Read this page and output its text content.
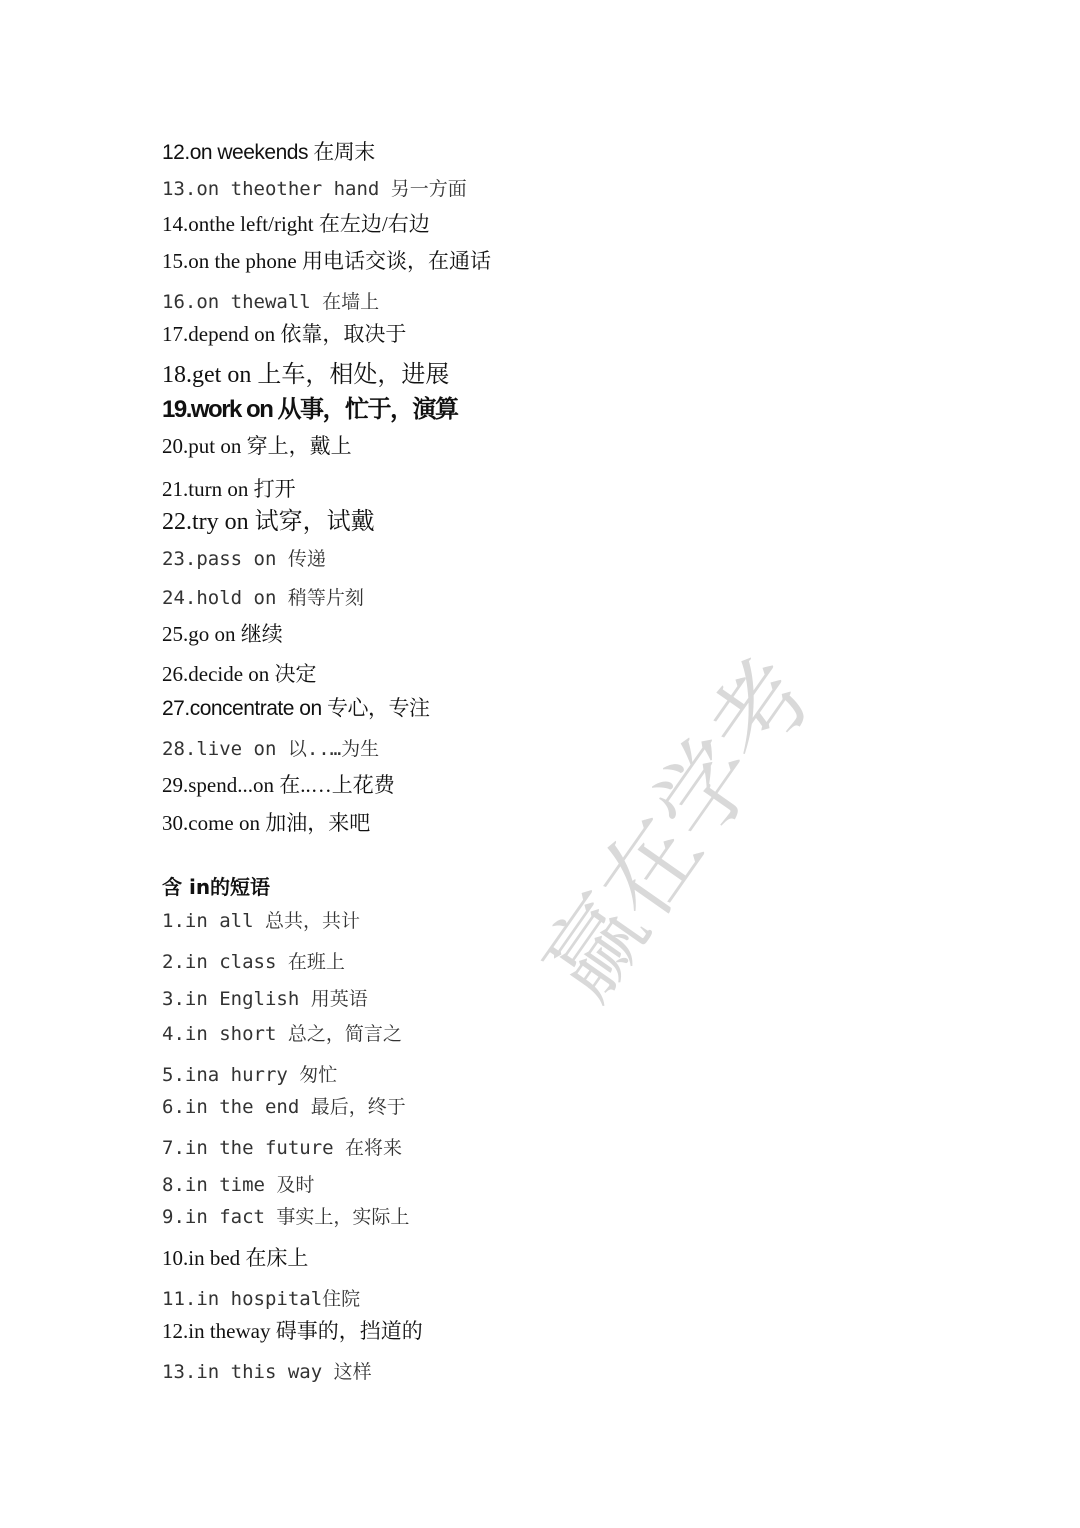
12.on weekends 在周末
13.on theother hand 另一方面
14.onthe left/right 在左边/右边
15.on the phone 用电话交谈，在通话
16.on thewall 在墙上
17.depend on 依靠，取决于
18.get on 上车，相处，进展
19.work on 从事，忙于，演算
20.put on 穿上，戴上
21.turn on 打开
22.try on 试穿，试戴
23.pass on 传递
24.hold on 稍等片刻
25.go on 继续
26.decide on 决定
27.concentrate on 专心，专注
28.live on 以..…为生
29.spend...on 在..…上花费
30.come on 加油，来吧
含 in的短语
1.in all 总共，共计
2.in class 在班上
3.in English 用英语
4.in short 总之，简言之
5.ina hurry 匆忙
6.in the end 最后，终于
7.in the future 在将来
8.in time 及时
9.in fact 事实上，实际上
10.in bed 在床上
11.in hospital住院
12.in theway 碍事的，挡道的
13.in this way 这样
赢在学考
